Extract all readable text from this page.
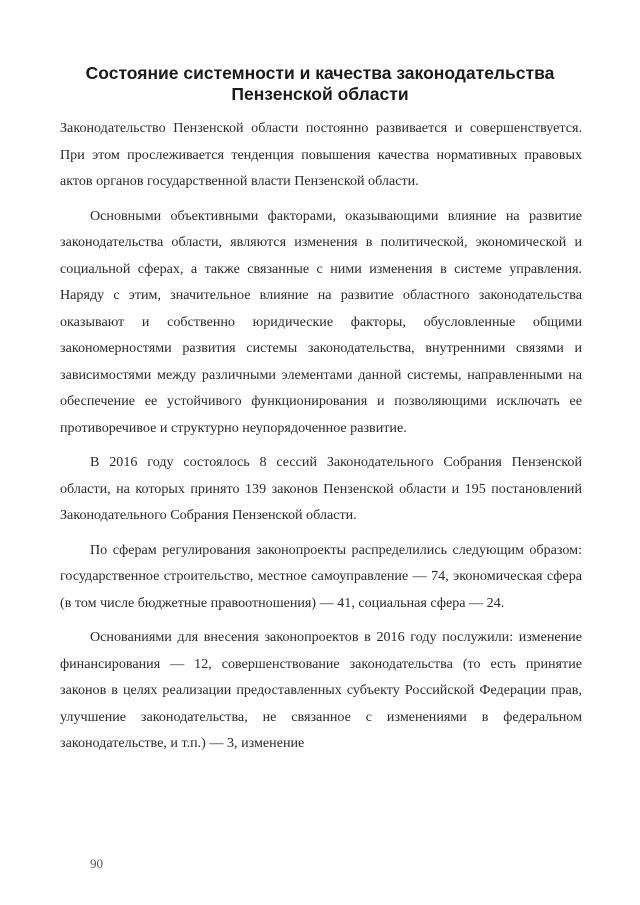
Состояние системности и качества законодательства
Пензенской области

Законодательство Пензенской области постоянно развивается и совершенствуется. При этом прослеживается тенденция повышения качества нормативных правовых актов органов государственной власти Пензенской области.

Основными объективными факторами, оказывающими влияние на развитие законодательства области, являются изменения в политической, экономической и социальной сферах, а также связанные с ними изменения в системе управления. Наряду с этим, значительное влияние на развитие областного законодательства оказывают и собственно юридические факторы, обусловленные общими закономерностями развития системы законодательства, внутренними связями и зависимостями между различными элементами данной системы, направленными на обеспечение ее устойчивого функционирования и позволяющими исключать ее противоречивое и структурно неупорядоченное развитие.

В 2016 году состоялось 8 сессий Законодательного Собрания Пензенской области, на которых принято 139 законов Пензенской области и 195 постановлений Законодательного Собрания Пензенской области.

По сферам регулирования законопроекты распределились следующим образом: государственное строительство, местное самоуправление — 74, экономическая сфера (в том числе бюджетные правоотношения) — 41, социальная сфера — 24.

Основаниями для внесения законопроектов в 2016 году послужили: изменение финансирования — 12, совершенствование законодательства (то есть принятие законов в целях реализации предоставленных субъекту Российской Федерации прав, улучшение законодательства, не связанное с изменениями в федеральном законодательстве, и т.п.) — 3, изменение

90
